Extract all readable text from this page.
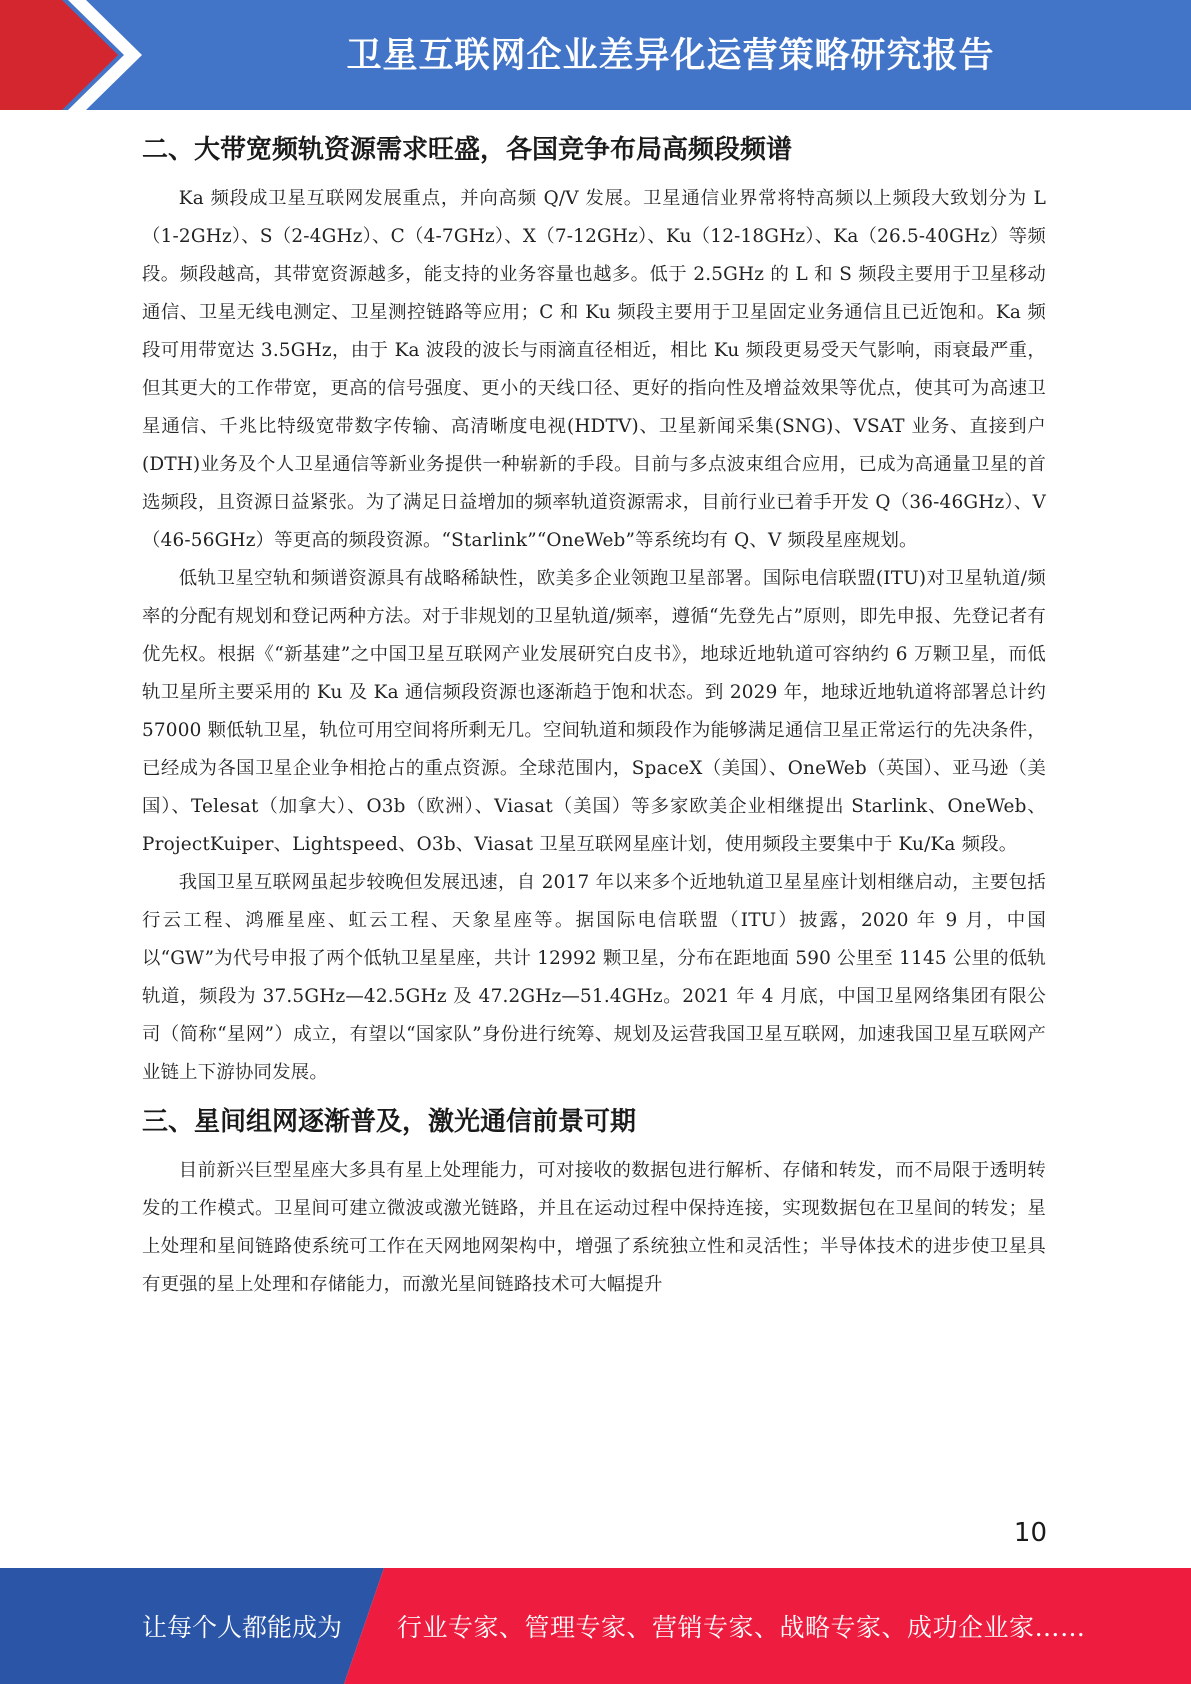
卫星互联网企业差异化运营策略研究报告
二、大带宽频轨资源需求旺盛，各国竞争布局高频段频谱

Ka 频段成卫星互联网发展重点，并向高频 Q/V 发展。卫星通信业界常将特高频以上频段大致划分为 L（1-2GHz）、S（2-4GHz）、C（4-7GHz）、X（7-12GHz）、Ku（12-18GHz）、Ka（26.5-40GHz）等频段。频段越高，其带宽资源越多，能支持的业务容量也越多。低于 2.5GHz 的 L 和 S 频段主要用于卫星移动通信、卫星无线电测定、卫星测控链路等应用；C 和 Ku 频段主要用于卫星固定业务通信且已近饱和。Ka 频段可用带宽达 3.5GHz，由于 Ka 波段的波长与雨滴直径相近，相比 Ku 频段更易受天气影响，雨衰最严重，但其更大的工作带宽，更高的信号强度、更小的天线口径、更好的指向性及增益效果等优点，使其可为高速卫星通信、千兆比特级宽带数字传输、高清晰度电视(HDTV)、卫星新闻采集(SNG)、VSAT 业务、直接到户(DTH)业务及个人卫星通信等新业务提供一种崭新的手段。目前与多点波束组合应用，已成为高通量卫星的首选频段，且资源日益紧张。为了满足日益增加的频率轨道资源需求，目前行业已着手开发 Q（36-46GHz）、V（46-56GHz）等更高的频段资源。“Starlink”“OneWeb”等系统均有 Q、V 频段星座规划。

低轨卫星空轨和频谱资源具有战略稀缺性，欧美多企业领跑卫星部署。国际电信联盟(ITU)对卫星轨道/频率的分配有规划和登记两种方法。对于非规划的卫星轨道/频率，遵循“先登先占”原则，即先申报、先登记者有优先权。根据《“新基建”之中国卫星互联网产业发展研究白皮书》，地球近地轨道可容纳约 6 万颗卫星，而低轨卫星所主要采用的 Ku 及 Ka 通信频段资源也逐渐趋于饱和状态。到 2029 年，地球近地轨道将部署总计约 57000 颗低轨卫星，轨位可用空间将所剩无几。空间轨道和频段作为能够满足通信卫星正常运行的先决条件，已经成为各国卫星企业争相抢占的重点资源。全球范围内，SpaceX（美国）、OneWeb（英国）、亚马逊（美国）、Telesat（加拿大）、O3b（欧洲）、Viasat（美国）等多家欧美企业相继提出 Starlink、OneWeb、ProjectKuiper、Lightspeed、O3b、Viasat 卫星互联网星座计划，使用频段主要集中于 Ku/Ka 频段。

我国卫星互联网虽起步较晚但发展迅速，自 2017 年以来多个近地轨道卫星星座计划相继启动，主要包括行云工程、鸿雁星座、虹云工程、天象星座等。据国际电信联盟（ITU）披露，2020 年 9 月，中国以“GW”为代号申报了两个低轨卫星星座，共计 12992 颗卫星，分布在距地面 590 公里至 1145 公里的低轨轨道，频段为 37.5GHz—42.5GHz 及 47.2GHz—51.4GHz。2021 年 4 月底，中国卫星网络集团有限公司（简称“星网”）成立，有望以“国家队”身份进行统筹、规划及运营我国卫星互联网，加速我国卫星互联网产业链上下游协同发展。

三、星间组网逐渐普及，激光通信前景可期

目前新兴巨型星座大多具有星上处理能力，可对接收的数据包进行解析、存储和转发，而不局限于透明转发的工作模式。卫星间可建立微波或激光链路，并且在运动过程中保持连接，实现数据包在卫星间的转发；星上处理和星间链路使系统可工作在天网地网架构中，增强了系统独立性和灵活性；半导体技术的进步使卫星具有更强的星上处理和存储能力，而激光星间链路技术可大幅提升

10
让每个人都能成为 行业专家、管理专家、营销专家、战略专家、成功企业家……
